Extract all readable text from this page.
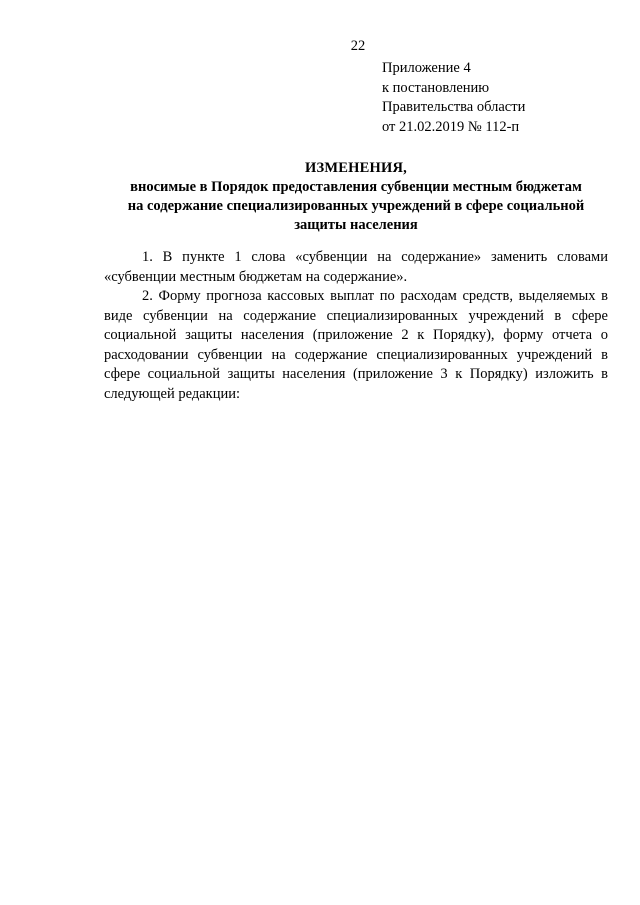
22
Приложение 4
к постановлению
Правительства области
от 21.02.2019 № 112-п
ИЗМЕНЕНИЯ,
вносимые в Порядок предоставления субвенции местным бюджетам
на содержание специализированных учреждений в сфере социальной
защиты населения

1. В пункте 1 слова «субвенции на содержание» заменить словами «субвенции местным бюджетам на содержание».

2. Форму прогноза кассовых выплат по расходам средств, выделяемых в виде субвенции на содержание специализированных учреждений в сфере социальной защиты населения (приложение 2 к Порядку), форму отчета о расходовании субвенции на содержание специализированных учреждений в сфере социальной защиты населения (приложение 3 к Порядку) изложить в следующей редакции:
